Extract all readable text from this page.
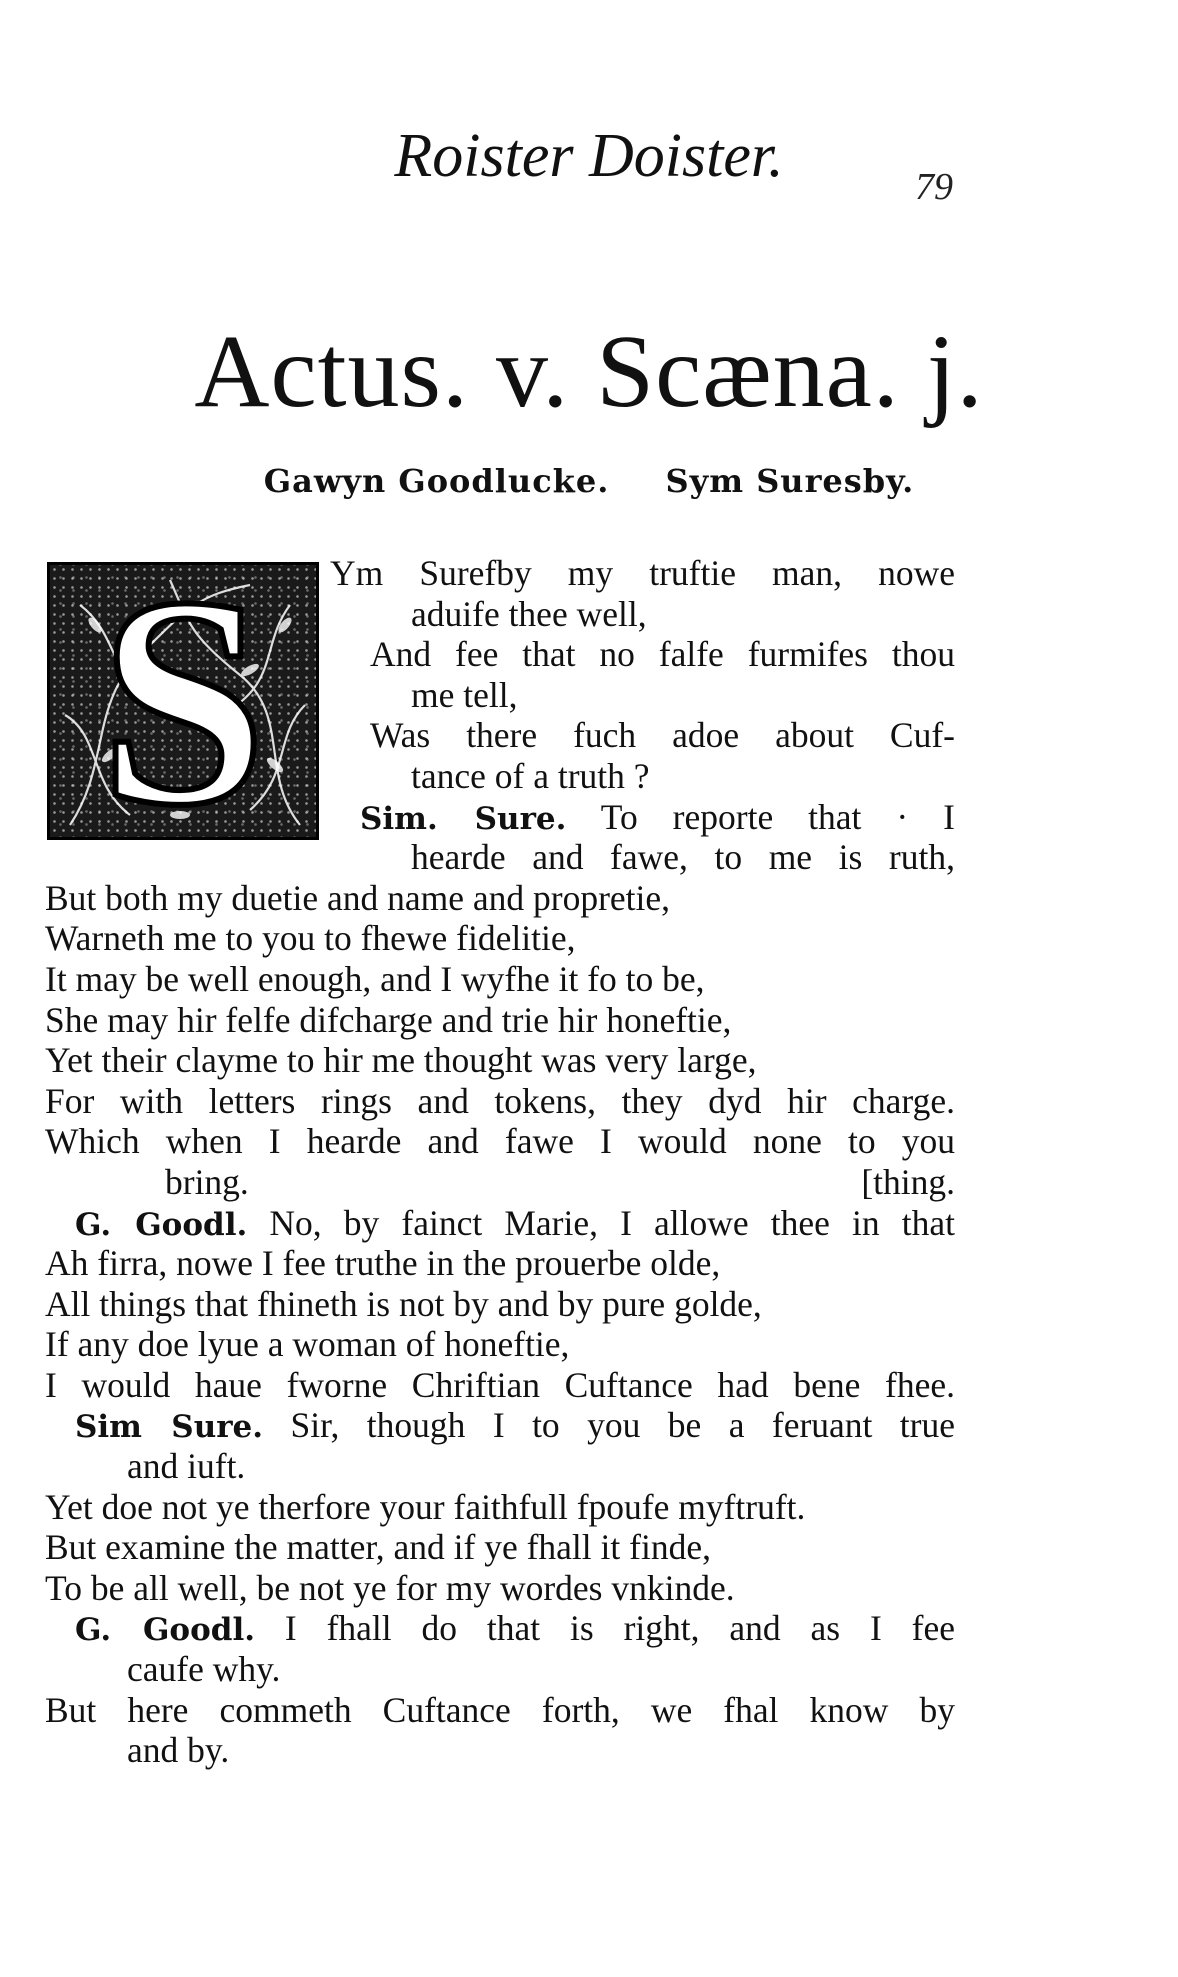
Roister Doister.	79
Actus. v. Scæna. j.
Gawyn Goodlucke. Sym Suresby.
S	Ym Surefby my truftie man, nowe
aduife thee well,
And fee that no falfe furmifes thou
me tell,
Was there fuch adoe about Cuf-
tance of a truth ?
Sim. Sure. To reporte that · I
hearde and fawe, to me is ruth,
But both my duetie and name and propretie,
Warneth me to you to fhewe fidelitie,
It may be well enough, and I wyfhe it fo to be,
She may hir felfe difcharge and trie hir honeftie,
Yet their clayme to hir me thought was very large,
For with letters rings and tokens, they dyd hir charge.
Which when I hearde and fawe I would none to you
bring.	[thing.
G. Goodl. No, by fainct Marie, I allowe thee in that
Ah firra, nowe I fee truthe in the prouerbe olde,
All things that fhineth is not by and by pure golde,
If any doe lyue a woman of honeftie,
I would haue fworne Chriftian Cuftance had bene fhee.
Sim Sure. Sir, though I to you be a feruant true
and iuft.
Yet doe not ye therfore your faithfull fpoufe myftruft.
But examine the matter, and if ye fhall it finde,
To be all well, be not ye for my wordes vnkinde.
G. Goodl. I fhall do that is right, and as I fee
caufe why.
But here commeth Cuftance forth, we fhal know by
and by.
